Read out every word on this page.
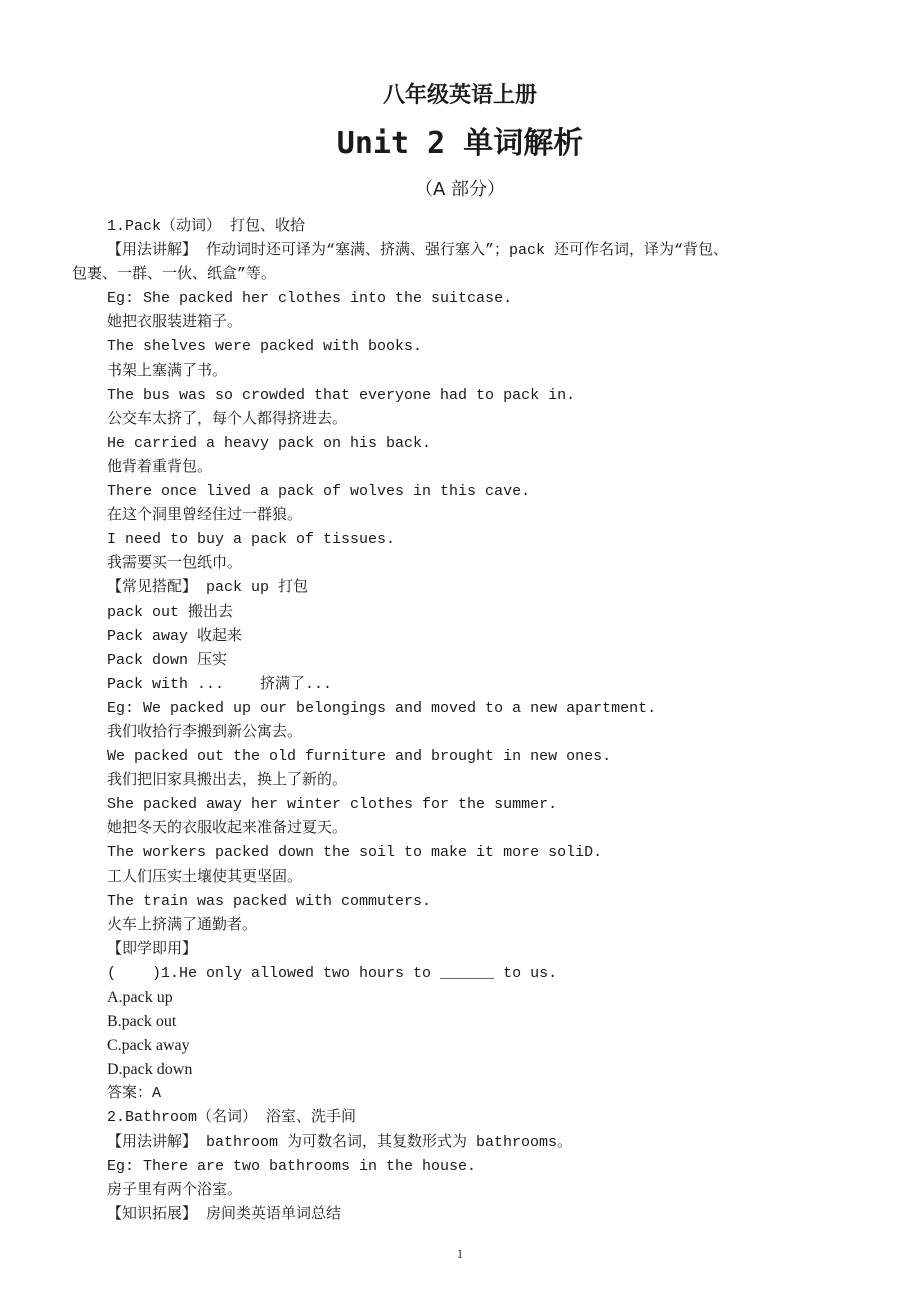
八年级英语上册
Unit 2 单词解析
（A 部分）
1.Pack（动词） 打包、收拾
【用法讲解】 作动词时还可译为“塞满、挤满、强行塞入”；pack 还可作名词，译为“背包、
包裹、一群、一伙、纸盒”等。
Eg: She packed her clothes into the suitcase.
她把衣服装进箱子。
The shelves were packed with books.
书架上塞满了书。
The bus was so crowded that everyone had to pack in.
公交车太挤了，每个人都得挤进去。
He carried a heavy pack on his back.
他背着重背包。
There once lived a pack of wolves in this cave.
在这个洞里曾经住过一群狼。
I need to buy a pack of tissues.
我需要买一包纸巾。
【常见搭配】 pack up 打包
pack out 搬出去
Pack away 收起来
Pack down 压实
Pack with ... 挤满了...
Eg: We packed up our belongings and moved to a new apartment.
我们收拾行李搬到新公寓去。
We packed out the old furniture and brought in new ones.
我们把旧家具搬出去，换上了新的。
She packed away her winter clothes for the summer.
她把冬天的衣服收起来准备过夏天。
The workers packed down the soil to make it more soliD.
工人们压实土壤使其更坚固。
The train was packed with commuters.
火车上挤满了通勤者。
【即学即用】
(    )1.He only allowed two hours to ______ to us.
A.pack up
B.pack out
C.pack away
D.pack down
答案：A
2.Bathroom（名词） 浴室、洗手间
【用法讲解】 bathroom 为可数名词，其复数形式为 bathrooms。
Eg: There are two bathrooms in the house.
房子里有两个浴室。
【知识拓展】 房间类英语单词总结
1
